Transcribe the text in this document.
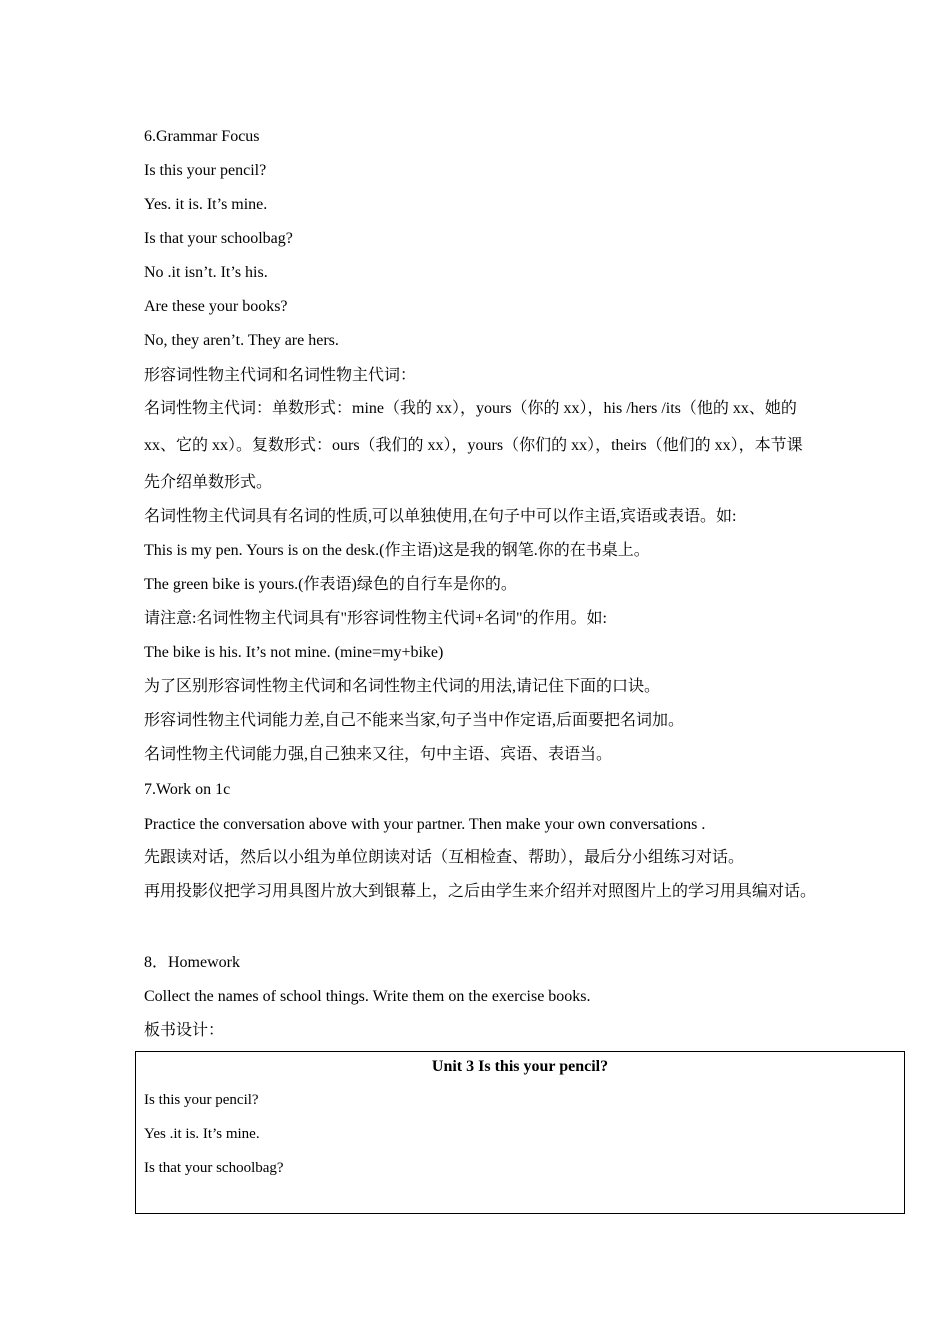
6.Grammar Focus
Is this your pencil?
Yes. it is. It’s mine.
Is that your schoolbag?
No .it isn’t. It’s his.
Are these your books?
No, they aren’t. They are hers.
形容词性物主代词和名词性物主代词：
名词性物主代词：单数形式：mine（我的 xx），yours（你的 xx），his /hers /its（他的 xx、她的 xx、它的 xx）。复数形式：ours（我们的 xx），yours（你们的 xx），theirs（他们的 xx），本节课先介绍单数形式。
名词性物主代词具有名词的性质,可以单独使用,在句子中可以作主语,宾语或表语。如:
This is my pen. Yours is on the desk.(作主语)这是我的钢笔.你的在书桌上。
The green bike is yours.(作表语)绿色的自行车是你的。
请注意:名词性物主代词具有"形容词性物主代词+名词"的作用。如:
The bike is his. It’s not mine. (mine=my+bike)
为了区别形容词性物主代词和名词性物主代词的用法,请记住下面的口诀。
形容词性物主代词能力差,自己不能来当家,句子当中作定语,后面要把名词加。
名词性物主代词能力强,自己独来又往，句中主语、宾语、表语当。
7.Work on 1c
Practice the conversation above with your partner. Then make your own conversations .
先跟读对话，然后以小组为单位朗读对话（互相检查、帮助），最后分小组练习对话。
再用投影仪把学习用具图片放大到银幕上，之后由学生来介绍并对照图片上的学习用具编对话。
8．Homework
Collect the names of school things. Write them on the exercise books.
板书设计：
Unit 3 Is this your pencil?
Is this your pencil?
Yes .it is. It’s mine.
Is that your schoolbag?
